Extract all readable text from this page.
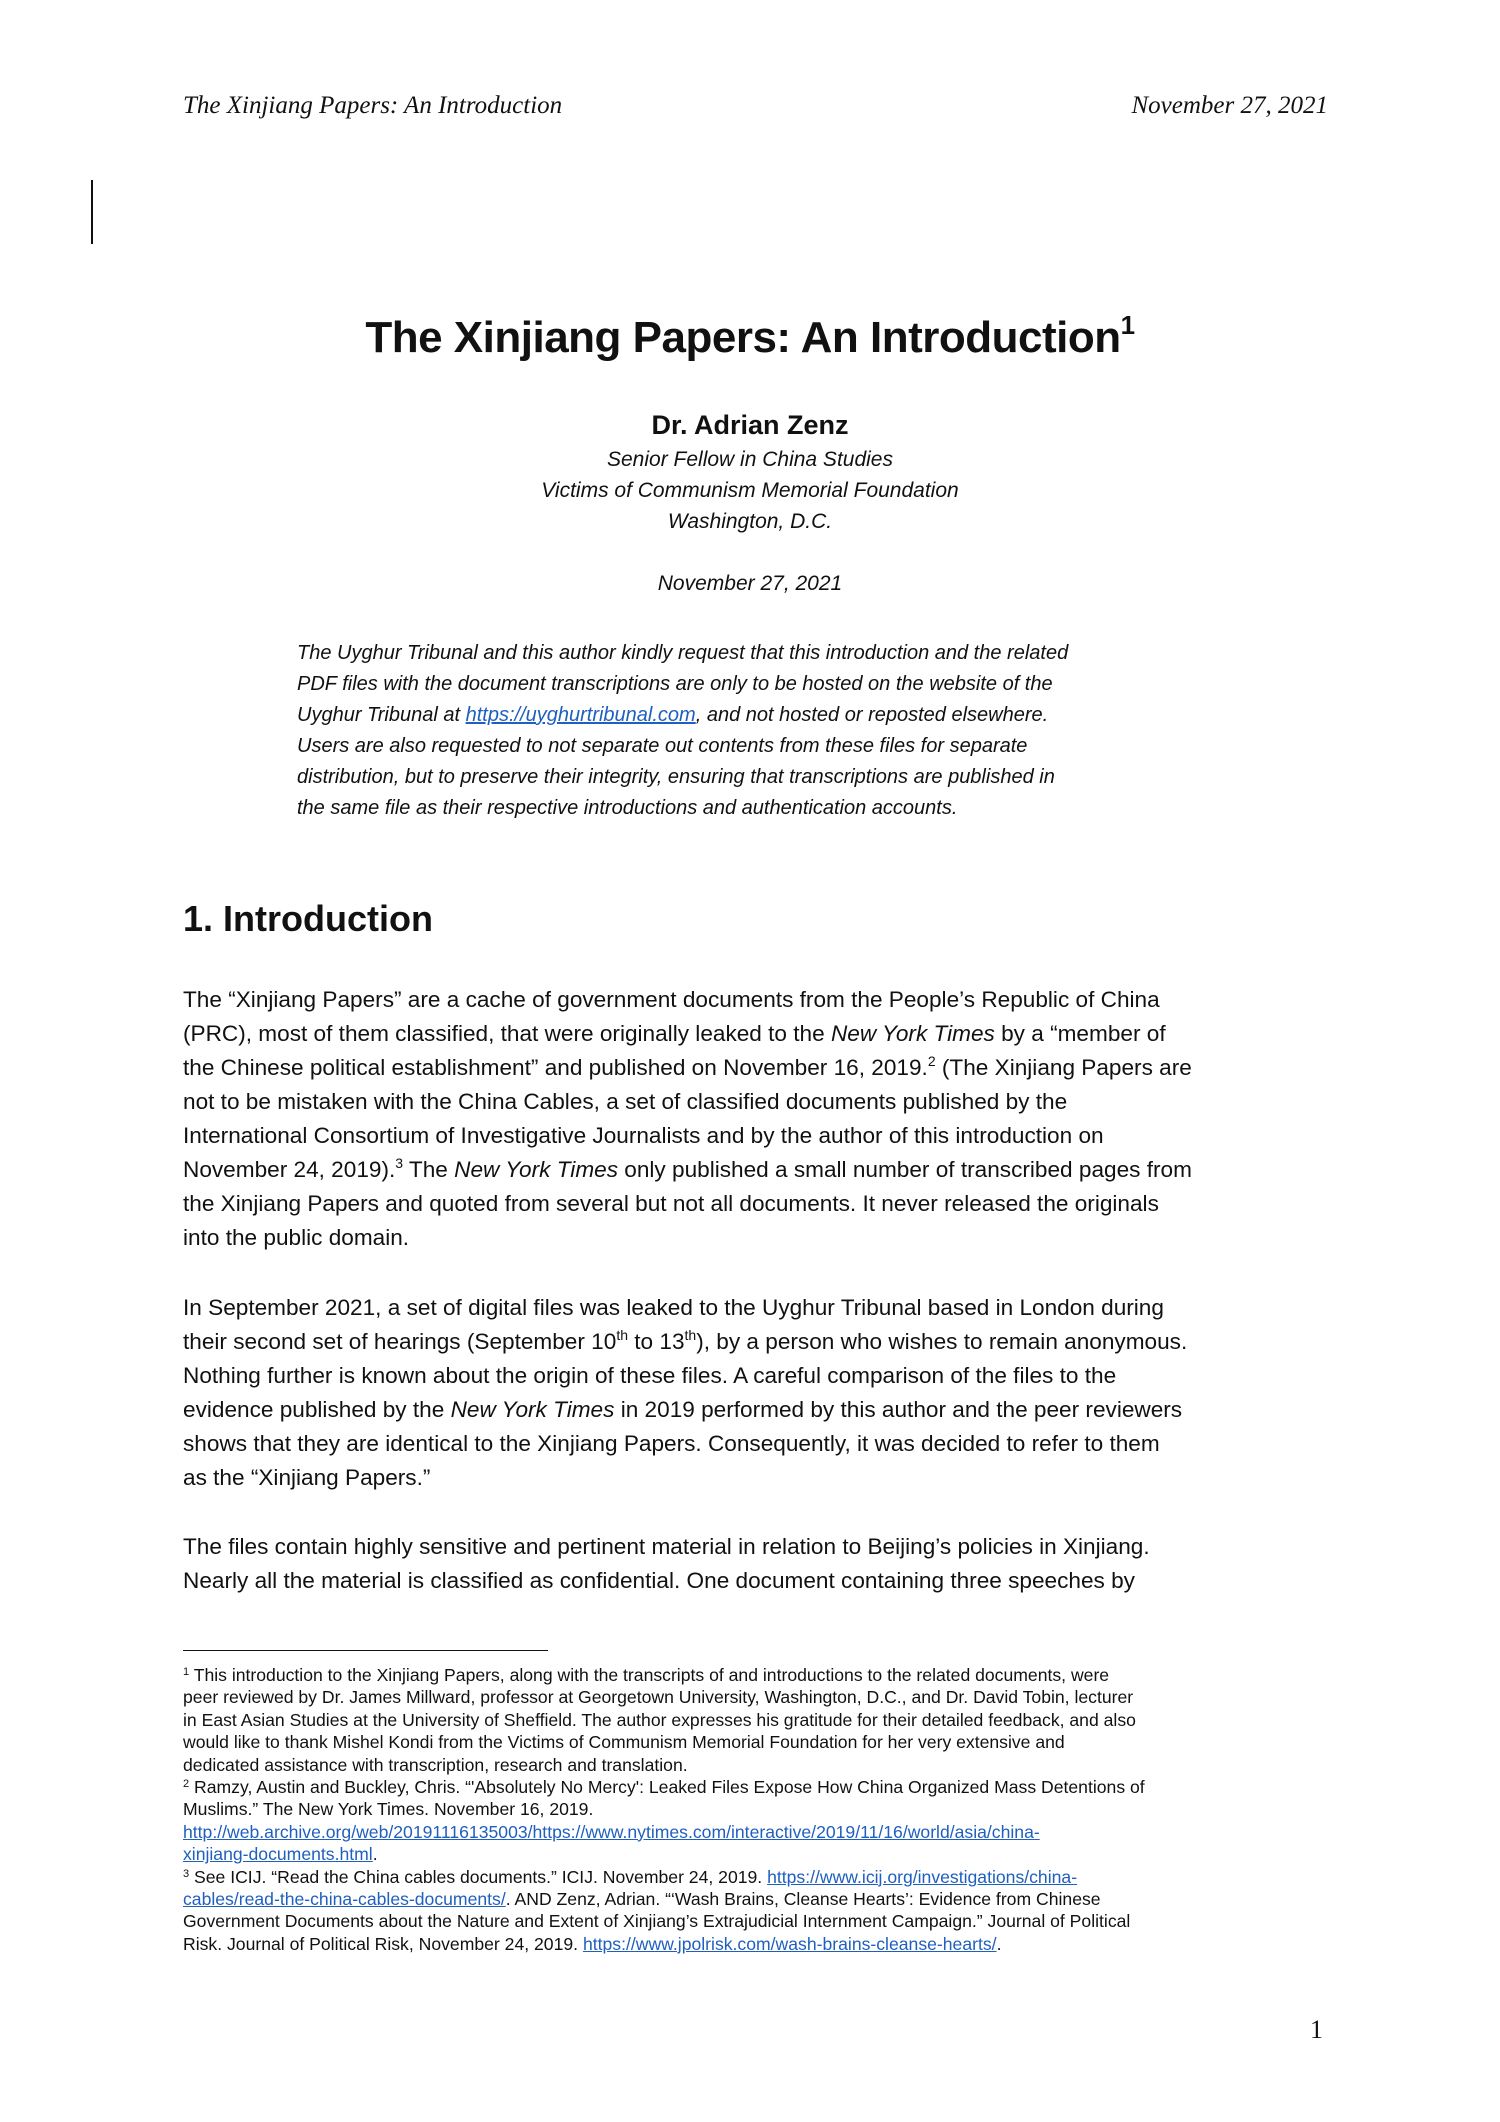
The Xinjiang Papers: An Introduction	November 27, 2021
The Xinjiang Papers: An Introduction$^1$
Dr. Adrian Zenz
Senior Fellow in China Studies
Victims of Communism Memorial Foundation
Washington, D.C.
November 27, 2021
The Uyghur Tribunal and this author kindly request that this introduction and the related
PDF files with the document transcriptions are only to be hosted on the website of the
Uyghur Tribunal at https://uyghurtribunal.com, and not hosted or reposted elsewhere.
Users are also requested to not separate out contents from these files for separate
distribution, but to preserve their integrity, ensuring that transcriptions are published in
the same file as their respective introductions and authentication accounts.
1. Introduction
The “Xinjiang Papers” are a cache of government documents from the People’s Republic of China
(PRC), most of them classified, that were originally leaked to the New York Times by a “member of
the Chinese political establishment” and published on November 16, 2019.$^2$ (The Xinjiang Papers are
not to be mistaken with the China Cables, a set of classified documents published by the
International Consortium of Investigative Journalists and by the author of this introduction on
November 24, 2019).$^3$ The New York Times only published a small number of transcribed pages from
the Xinjiang Papers and quoted from several but not all documents. It never released the originals
into the public domain.
In September 2021, a set of digital files was leaked to the Uyghur Tribunal based in London during
their second set of hearings (September 10th to 13th), by a person who wishes to remain anonymous.
Nothing further is known about the origin of these files. A careful comparison of the files to the
evidence published by the New York Times in 2019 performed by this author and the peer reviewers
shows that they are identical to the Xinjiang Papers. Consequently, it was decided to refer to them
as the “Xinjiang Papers.”
The files contain highly sensitive and pertinent material in relation to Beijing’s policies in Xinjiang.
Nearly all the material is classified as confidential. One document containing three speeches by
$^1$ This introduction to the Xinjiang Papers, along with the transcripts of and introductions to the related documents, were
peer reviewed by Dr. James Millward, professor at Georgetown University, Washington, D.C., and Dr. David Tobin, lecturer
in East Asian Studies at the University of Sheffield. The author expresses his gratitude for their detailed feedback, and also
would like to thank Mishel Kondi from the Victims of Communism Memorial Foundation for her very extensive and
dedicated assistance with transcription, research and translation.
$^2$ Ramzy, Austin and Buckley, Chris. “'Absolutely No Mercy': Leaked Files Expose How China Organized Mass Detentions of
Muslims.” The New York Times. November 16, 2019.
http://web.archive.org/web/20191116135003/https://www.nytimes.com/interactive/2019/11/16/world/asia/china-
xinjiang-documents.html.
$^3$ See ICIJ. “Read the China cables documents.” ICIJ. November 24, 2019. https://www.icij.org/investigations/china-
cables/read-the-china-cables-documents/. AND Zenz, Adrian. “‘Wash Brains, Cleanse Hearts’: Evidence from Chinese
Government Documents about the Nature and Extent of Xinjiang’s Extrajudicial Internment Campaign.” Journal of Political
Risk. Journal of Political Risk, November 24, 2019. https://www.jpolrisk.com/wash-brains-cleanse-hearts/.
1
